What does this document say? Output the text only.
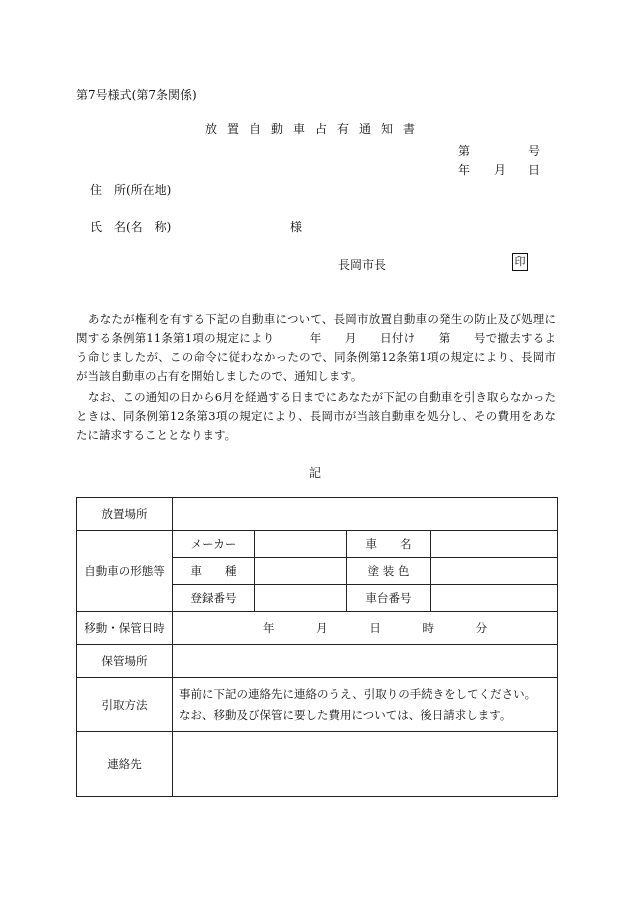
第7号様式(第7条関係)
放置自動車占有通知書
第	号
年 月 日
住　所(所在地)
氏　名(名　称)	様
長岡市長	印
あなたが権利を有する下記の自動車について、長岡市放置自動車の発生の防止及び処理に関する条例第11条第1項の規定により　　　年　　月　　日付け　　第　　号で撤去するよう命じましたが、この命令に従わなかったので、同条例第12条第1項の規定により、長岡市が当該自動車の占有を開始しましたので、通知します。
なお、この通知の日から6月を経過する日までにあなたが下記の自動車を引き取らなかったときは、同条例第12条第3項の規定により、長岡市が当該自動車を処分し、その費用をあなたに請求することとなります。
記
放置場所				
自動車の形態等	メーカー		車　　名	
	車　　種		塗 装 色	
	登録番号		車台番号	
移動・保管日時	年 月 日 時 分			
保管場所				
引取方法	事前に下記の連絡先に連絡のうえ、引取りの手続きをしてください。
なお、移動及び保管に要した費用については、後日請求します。			

連絡先				
